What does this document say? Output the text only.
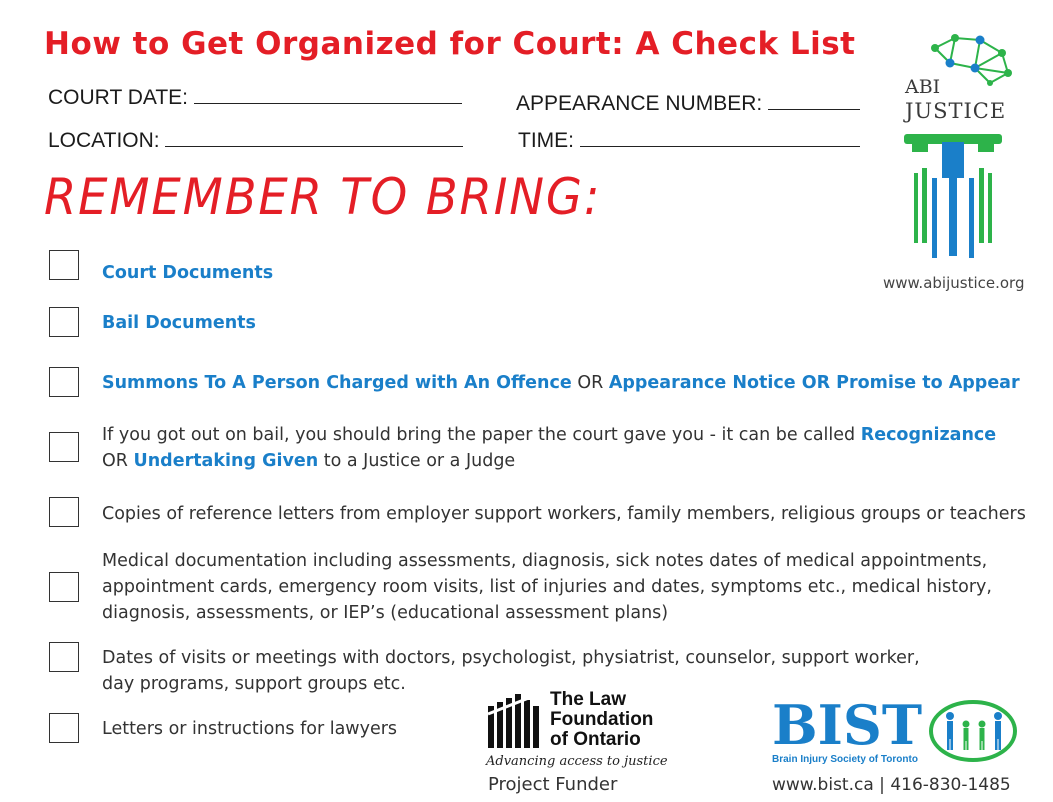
How to Get Organized for Court: A Check List
COURT DATE:	APPEARANCE NUMBER:
LOCATION:	TIME:
REMEMBER TO BRING:
Court Documents
Bail Documents
Summons To A Person Charged with An Offence OR Appearance Notice OR Promise to Appear
If you got out on bail, you should bring the paper the court gave you - it can be called Recognizance
OR Undertaking Given to a Justice or a Judge
Copies of reference letters from employer support workers, family members, religious groups or teachers
Medical documentation including assessments, diagnosis, sick notes dates of medical appointments,
appointment cards, emergency room visits, list of injuries and dates, symptoms etc., medical history,
diagnosis, assessments, or IEP’s (educational assessment plans)
Dates of visits or meetings with doctors, psychologist, physiatrist, counselor, support worker,
day programs, support groups etc.
Letters or instructions for lawyers
ABI
JUSTICE
www.abijustice.org
The Law
Foundation
of Ontario
Advancing access to justice
Project Funder
BIST
Brain Injury Society of Toronto
www.bist.ca | 416-830-1485
